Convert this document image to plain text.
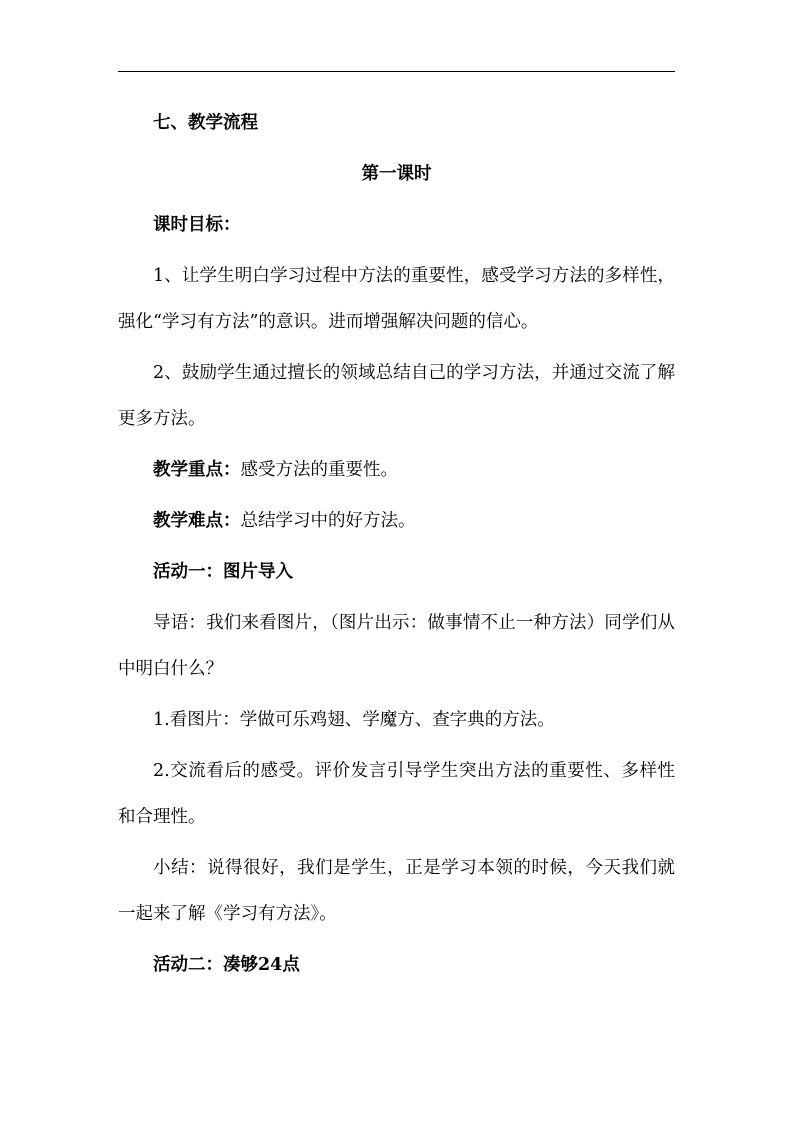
七、教学流程

第一课时

课时目标：

1、让学生明白学习过程中方法的重要性，感受学习方法的多样性，强化“学习有方法”的意识。进而增强解决问题的信心。

2、鼓励学生通过擅长的领域总结自己的学习方法，并通过交流了解更多方法。

教学重点：感受方法的重要性。

教学难点：总结学习中的好方法。

活动一：图片导入

导语：我们来看图片，（图片出示：做事情不止一种方法）同学们从中明白什么？

1.看图片：学做可乐鸡翅、学魔方、查字典的方法。

2.交流看后的感受。评价发言引导学生突出方法的重要性、多样性和合理性。

小结：说得很好，我们是学生，正是学习本领的时候，今天我们就一起来了解《学习有方法》。

活动二：凑够24点
